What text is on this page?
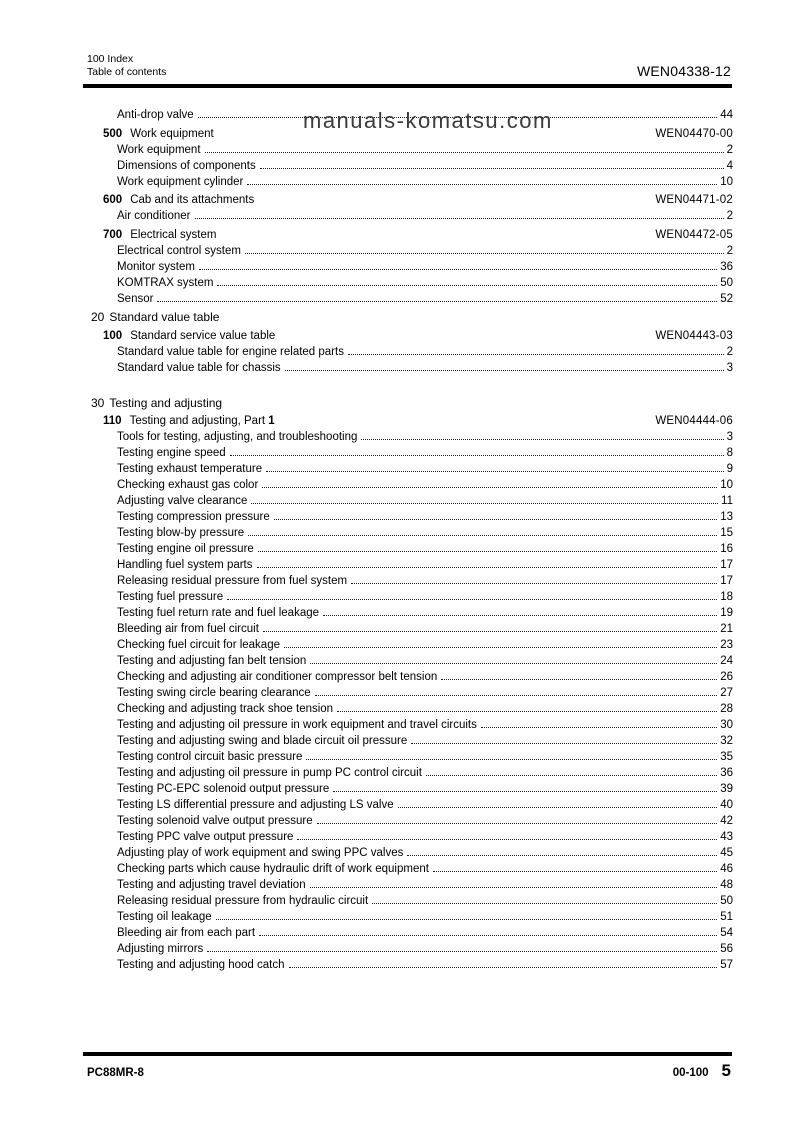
100 Index
Table of contents	WEN04338-12
Anti-drop valve	44
500 Work equipment	WEN04470-00
Work equipment	2
Dimensions of components	4
Work equipment cylinder	10
600 Cab and its attachments	WEN04471-02
Air conditioner	2
700 Electrical system	WEN04472-05
Electrical control system	2
Monitor system	36
KOMTRAX system	50
Sensor	52
20 Standard value table
100 Standard service value table	WEN04443-03
Standard value table for engine related parts	2
Standard value table for chassis	3
30 Testing and adjusting
110 Testing and adjusting, Part 1	WEN04444-06
Tools for testing, adjusting, and troubleshooting	3
Testing engine speed	8
Testing exhaust temperature	9
Checking exhaust gas color	10
Adjusting valve clearance	11
Testing compression pressure	13
Testing blow-by pressure	15
Testing engine oil pressure	16
Handling fuel system parts	17
Releasing residual pressure from fuel system	17
Testing fuel pressure	18
Testing fuel return rate and fuel leakage	19
Bleeding air from fuel circuit	21
Checking fuel circuit for leakage	23
Testing and adjusting fan belt tension	24
Checking and adjusting air conditioner compressor belt tension	26
Testing swing circle bearing clearance	27
Checking and adjusting track shoe tension	28
Testing and adjusting oil pressure in work equipment and travel circuits	30
Testing and adjusting swing and blade circuit oil pressure	32
Testing control circuit basic pressure	35
Testing and adjusting oil pressure in pump PC control circuit	36
Testing PC-EPC solenoid output pressure	39
Testing LS differential pressure and adjusting LS valve	40
Testing solenoid valve output pressure	42
Testing PPC valve output pressure	43
Adjusting play of work equipment and swing PPC valves	45
Checking parts which cause hydraulic drift of work equipment	46
Testing and adjusting travel deviation	48
Releasing residual pressure from hydraulic circuit	50
Testing oil leakage	51
Bleeding air from each part	54
Adjusting mirrors	56
Testing and adjusting hood catch	57
manuals-komatsu.com
PC88MR-8	00-100 5
